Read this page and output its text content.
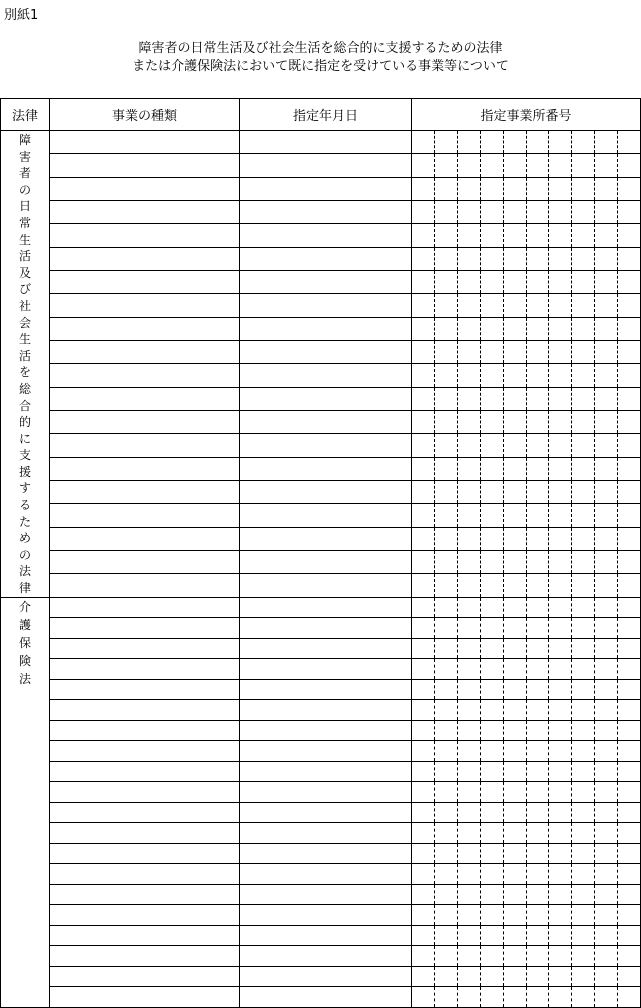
別紙1
障害者の日常生活及び社会生活を総合的に支援するための法律
または介護保険法において既に指定を受けている事業等について
法律	事業の種類	指定年月日	指定事業所番号

障害者の日常生活及び社会生活を総合的に支援するための法律			

介護保険法			
